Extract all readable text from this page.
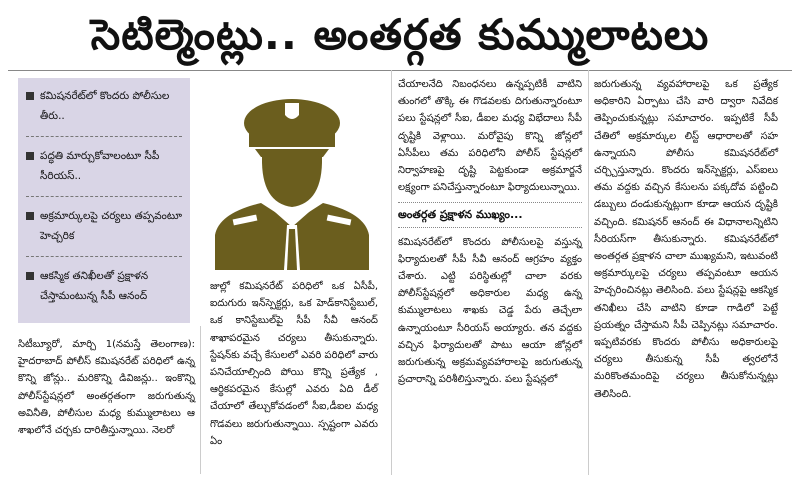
సెటిల్మెంట్లు.. అంతర్గత కుమ్ములాటలు
కమిషనరేట్‌లో కొందరు పోలీసుల తీరు..
పద్ధతి మార్చుకోవాలంటూ సీపీ సీరియస్‌..
అక్రమార్కులపై చర్యలు తప్పవంటూ హెచ్చరిక
ఆకస్మిక తనిఖీలతో ప్రక్షాళన చేస్తామంటున్న సీపీ ఆనంద్‌

సిటీబ్యూరో, మార్చి 1(నమస్తే తెలంగాణ): హైదరాబాద్‌ పోలీస్‌ కమిషనరేట్‌ పరిధిలో ఉన్న కొన్ని జోన్లు.. మరికొన్ని డివిజన్లు.. ఇంకొన్ని పోలీస్‌స్టేషన్లలో అంతర్గతంగా జరుగుతున్న అవినీతి, పోలీసుల మధ్య కుమ్ములాటలు ఆ శాఖలోనే చర్చకు దారితీస్తున్నాయి. నెలరో

జుల్లో కమిషనరేట్‌ పరిధిలో ఒక ఏసీపీ, ఐదుగురు ఇన్‌స్పెక్టర్లు, ఒక హెడ్‌కానిస్టేబుల్‌, ఒక కానిస్టేబుల్‌పై సీపీ సీవీ ఆనంద్‌ శాఖాపరమైన చర్యలు తీసుకున్నారు. స్టేషన్‌కు వచ్చే కేసులలో ఎవరి పరిధిలో వారు పనిచేయాల్సింది పోయి కొన్ని ప్రత్యేక , ఆర్థికపరమైన కేసుల్లో ఎవరు ఏది డీల్‌ చేయాలో తేల్చుకోవడంలో సీఐ,డీఐల మధ్య గొడవలు జరుగుతున్నాయి. స్పష్టంగా ఎవరు ఏం

చేయాలనేది నిబంధనలు ఉన్నప్పటికీ వాటిని తుంగలో తొక్కి ఈ గొడవలకు దిగుతున్నారంటూ పలు స్టేషన్లలో సీఐ, డీఐల మధ్య విభేదాలు సీపీ దృష్టికి వెళ్లాయి. మరోవైపు కొన్ని జోన్లలో ఏసీపీలు తమ పరిధిలోని పోలీస్‌ స్టేషన్లలో నిర్వాహణపై దృష్టి పెట్టకుండా అక్రమార్జనే లక్ష్యంగా పనిచేస్తున్నారంటూ ఫిర్యాదులున్నాయి.

అంతర్గత ప్రక్షాళన ముఖ్యం...

కమిషనరేట్‌లో కొందరు పోలీసులపై వస్తున్న ఫిర్యాదులతో సీపీ సీవీ ఆనంద్‌ ఆగ్రహం వ్యక్తం చేశారు. ఎట్టి పరిస్థితుల్లో చాలా వరకు పోలీస్‌స్టేషన్లలో అధికారుల మధ్య ఉన్న కుమ్ములాటలు శాఖకు చెడ్డ పేరు తెచ్చేలా ఉన్నాయంటూ సీరియస్‌ అయ్యారు. తన వద్దకు వచ్చిన ఫిర్యాదులతో పాటు ఆయా జోన్లలో జరుగుతున్న అక్రమవ్యవహారాలపై జరుగుతున్న ప్రచారాన్ని పరిశీలిస్తున్నారు. పలు స్టేషన్లలో

జరుగుతున్న వ్యవహారాలపై ఒక ప్రత్యేక అధికారిని ఏర్పాటు చేసి వారి ద్వారా నివేదిక తెప్పించుకున్నట్లు సమాచారం. ఇప్పటికే సీపీ చేతిలో అక్రమార్కుల లిస్ట్‌ ఆధారాలతో సహ ఉన్నాయని పోలీసు కమిషనరేట్‌లో చర్చ్చిస్తున్నారు. కొందరు ఇన్‌స్పెక్టర్లు, ఎస్‌ఐలు తమ వద్దకు వచ్చిన కేసులను పక్కదోవ పట్టించి డబ్బులు దండుకున్నట్లుగా కూడా ఆయన దృష్టికి వచ్చింది. కమిషనర్‌ ఆనంద్‌ ఈ విధానాలన్నిటిని సీరియస్‌గా తీసుకున్నారు. కమిషనరేట్‌లో అంతర్గత ప్రక్షాళన చాలా ముఖ్యమని, ఇటువంటి అక్రమార్కులపై చర్యలు తప్పవంటూ ఆయన హెచ్చరించినట్లు తెలిసింది. పలు స్టేషన్లపై ఆకస్మిక తనిఖీలు చేసి వాటిని కూడా గాడిలో పెట్టే ప్రయత్నం చేస్తామని సీపీ చెప్పినట్లు సమాచారం. ఇప్పటివరకు కొందరు పోలీసు అధికారులపై చర్యలు తీసుకున్న సీపీ త్వరలోనే మరికొంతమందిపై చర్యలు తీసుకోనున్నట్లు తెలిసింది.
